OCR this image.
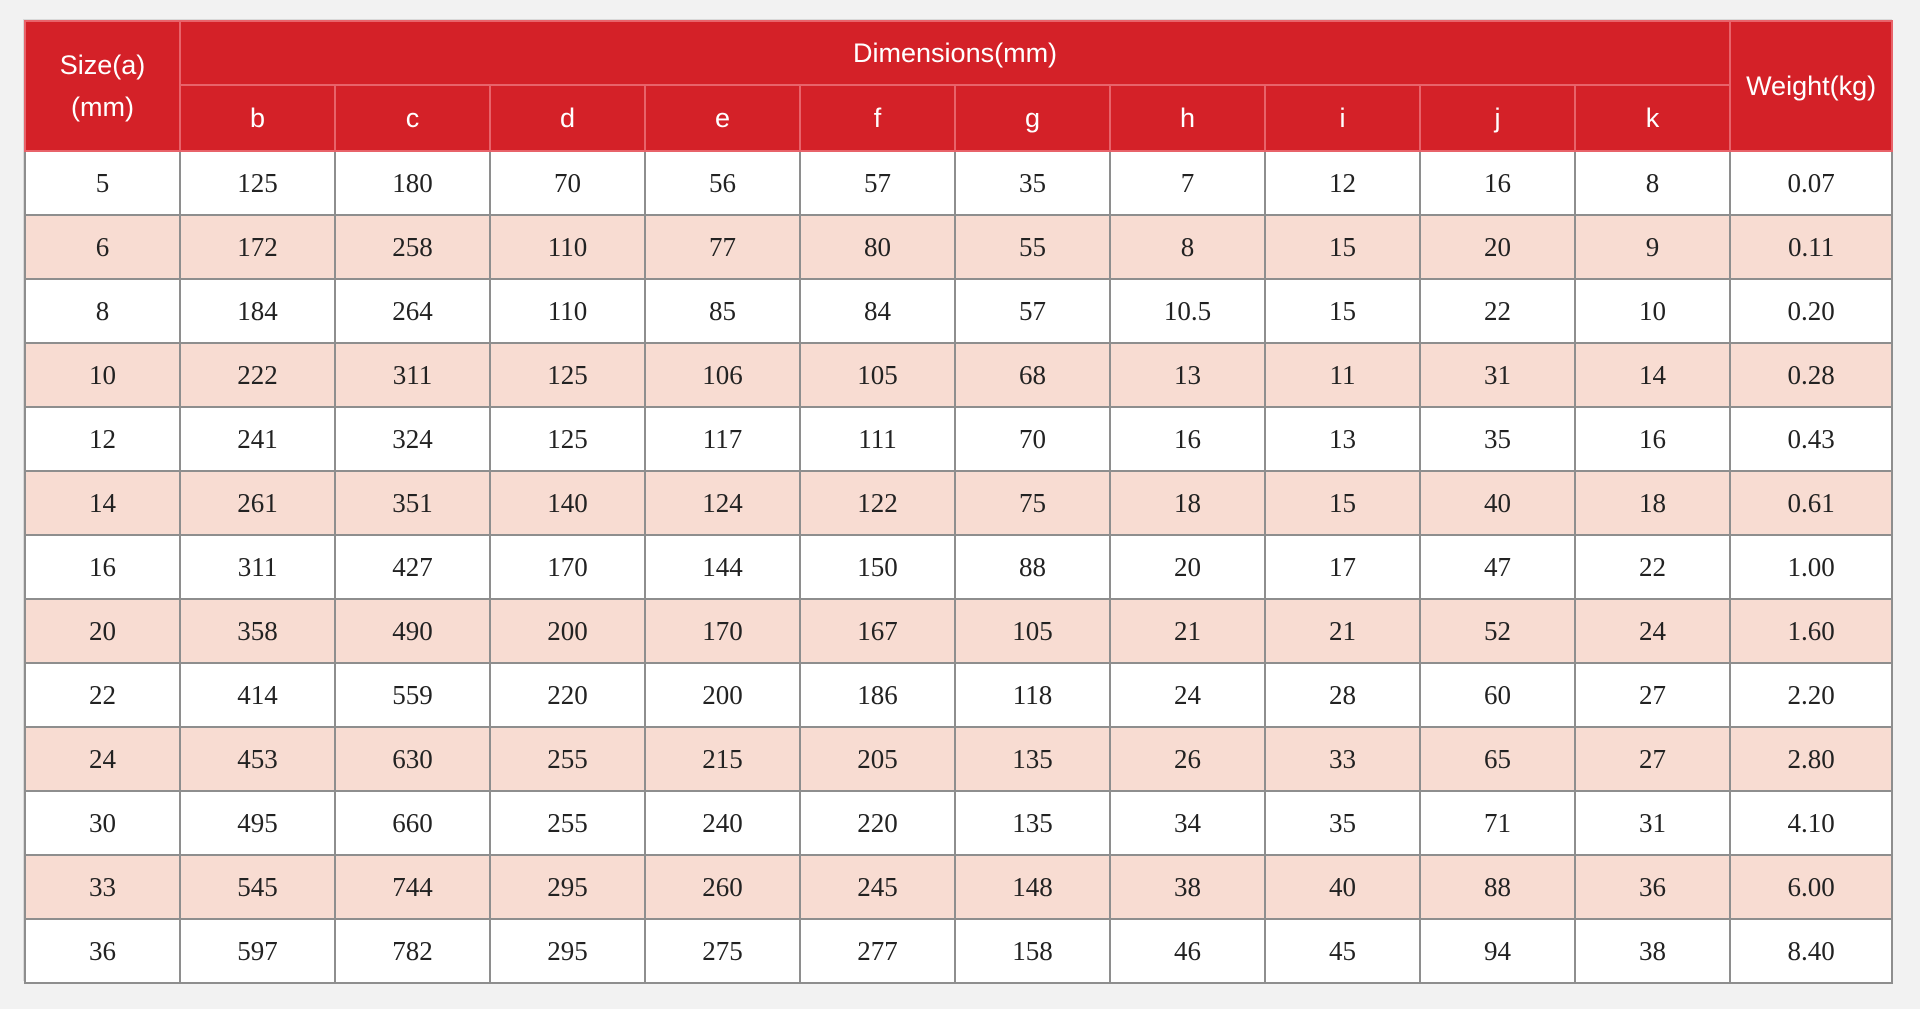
Size(a)
(mm)	Dimensions(mm)										Weight(kg)
	b	c	d	e	f	g	h	i	j	k	
5	125	180	70	56	57	35	7	12	16	8	0.07
6	172	258	110	77	80	55	8	15	20	9	0.11
8	184	264	110	85	84	57	10.5	15	22	10	0.20
10	222	311	125	106	105	68	13	11	31	14	0.28
12	241	324	125	117	111	70	16	13	35	16	0.43
14	261	351	140	124	122	75	18	15	40	18	0.61
16	311	427	170	144	150	88	20	17	47	22	1.00
20	358	490	200	170	167	105	21	21	52	24	1.60
22	414	559	220	200	186	118	24	28	60	27	2.20
24	453	630	255	215	205	135	26	33	65	27	2.80
30	495	660	255	240	220	135	34	35	71	31	4.10
33	545	744	295	260	245	148	38	40	88	36	6.00
36	597	782	295	275	277	158	46	45	94	38	8.40
